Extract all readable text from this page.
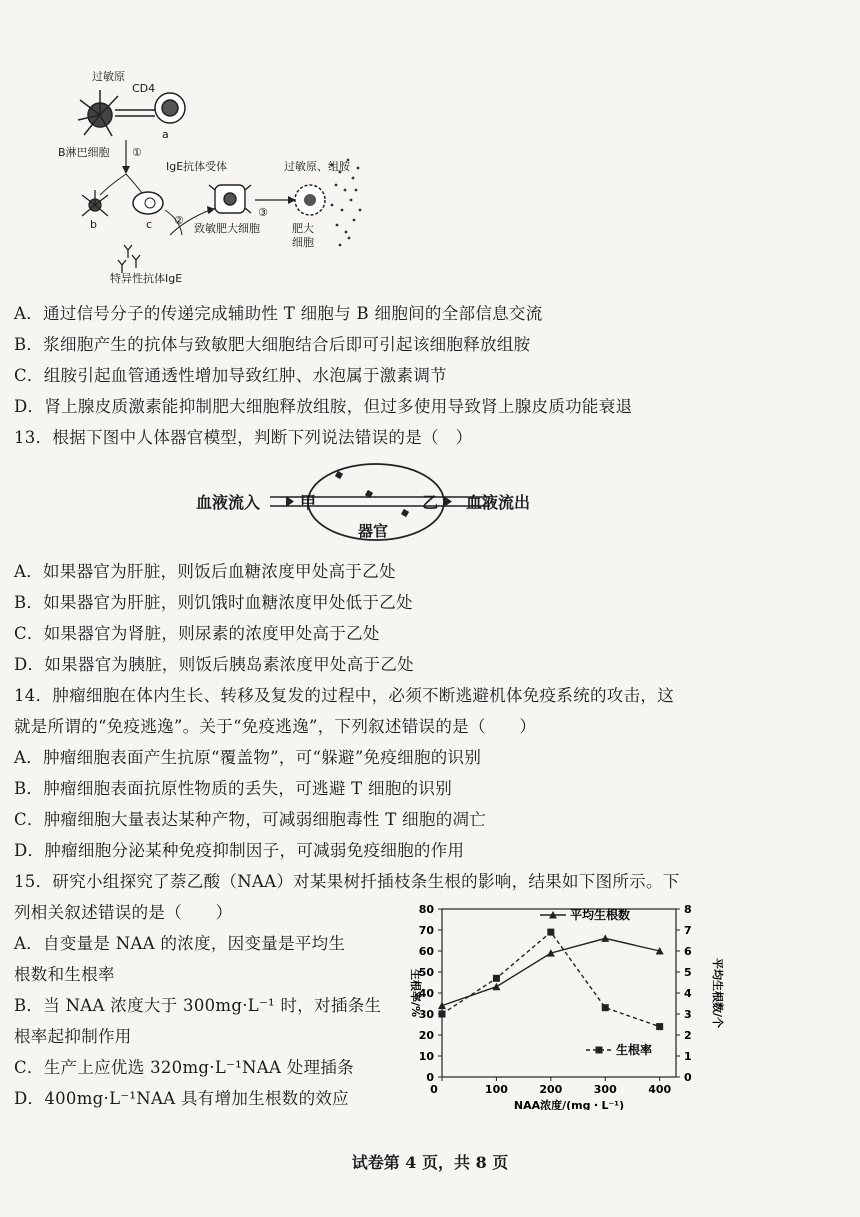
过敏原
CD4
a
B淋巴细胞 ①
IgE抗体受体	过敏原、组胺
b	c ②
③
致敏肥大细胞	肥大
细胞
特异性抗体IgE
A．通过信号分子的传递完成辅助性 T 细胞与 B 细胞间的全部信息交流
B．浆细胞产生的抗体与致敏肥大细胞结合后即可引起该细胞释放组胺
C．组胺引起血管通透性增加导致红肿、水泡属于激素调节
D．肾上腺皮质激素能抑制肥大细胞释放组胺，但过多使用导致肾上腺皮质功能衰退
13．根据下图中人体器官模型，判断下列说法错误的是（　）
A．如果器官为肝脏，则饭后血糖浓度甲处高于乙处
B．如果器官为肝脏，则饥饿时血糖浓度甲处低于乙处
C．如果器官为肾脏，则尿素的浓度甲处高于乙处
D．如果器官为胰脏，则饭后胰岛素浓度甲处高于乙处
14．肿瘤细胞在体内生长、转移及复发的过程中，必须不断逃避机体免疫系统的攻击，这
就是所谓的“免疫逃逸”。关于“免疫逃逸”，下列叙述错误的是（　　）
A．肿瘤细胞表面产生抗原“覆盖物”，可“躲避”免疫细胞的识别
B．肿瘤细胞表面抗原性物质的丢失，可逃避 T 细胞的识别
C．肿瘤细胞大量表达某种产物，可减弱细胞毒性 T 细胞的凋亡
D．肿瘤细胞分泌某种免疫抑制因子，可减弱免疫细胞的作用
15．研究小组探究了萘乙酸（NAA）对某果树扦插枝条生根的影响，结果如下图所示。下
列相关叙述错误的是（　　）
A．自变量是 NAA 的浓度，因变量是平均生
根数和生根率
B．当 NAA 浓度大于 300mg·L⁻¹ 时，对插条生
根率起抑制作用
C．生产上应优选 320mg·L⁻¹NAA 处理插条
D．400mg·L⁻¹NAA 具有增加生根数的效应
血液流入 甲	乙 血液流出
器官
0
10
20
30
40
50
60
70
80
0
1
2
3
4
5
6
7
8
0	100	200	300	400
NAA浓度/(mg・L⁻¹)
生根率/%	平均生根数/个
平均生根数
生根率
试卷第 4 页，共 8 页
